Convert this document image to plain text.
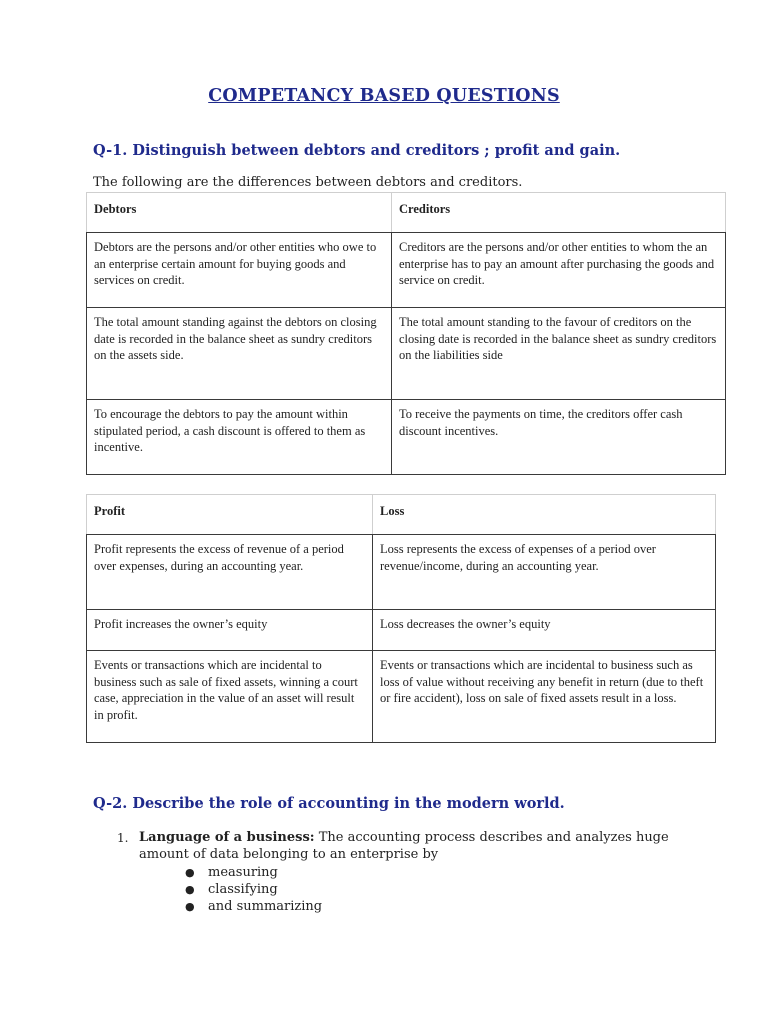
COMPETANCY BASED QUESTIONS
Q-1. Distinguish between debtors and creditors ; profit and gain.
The following are the differences between debtors and creditors.
Debtors	Creditors
Debtors are the persons and/or other entities who owe to an enterprise certain amount for buying goods and services on credit.	Creditors are the persons and/or other entities to whom the an enterprise has to pay an amount after purchasing the goods and service on credit.
The total amount standing against the debtors on closing date is recorded in the balance sheet as sundry creditors on the assets side.	The total amount standing to the favour of creditors on the closing date is recorded in the balance sheet as sundry creditors on the liabilities side
To encourage the debtors to pay the amount within stipulated period, a cash discount is offered to them as incentive.	To receive the payments on time, the creditors offer cash discount incentives.
Profit	Loss
Profit represents the excess of revenue of a period over expenses, during an accounting year.	Loss represents the excess of expenses of a period over revenue/income, during an accounting year.
Profit increases the owner’s equity	Loss decreases the owner’s equity
Events or transactions which are incidental to business such as sale of fixed assets, winning a court case, appreciation in the value of an asset will result in profit.	Events or transactions which are incidental to business such as loss of value without receiving any benefit in return (due to theft or fire accident), loss on sale of fixed assets result in a loss.
Q-2. Describe the role of accounting in the modern world.
1. Language of a business: The accounting process describes and analyzes huge amount of data belonging to an enterprise by
● measuring
● classifying
● and summarizing
